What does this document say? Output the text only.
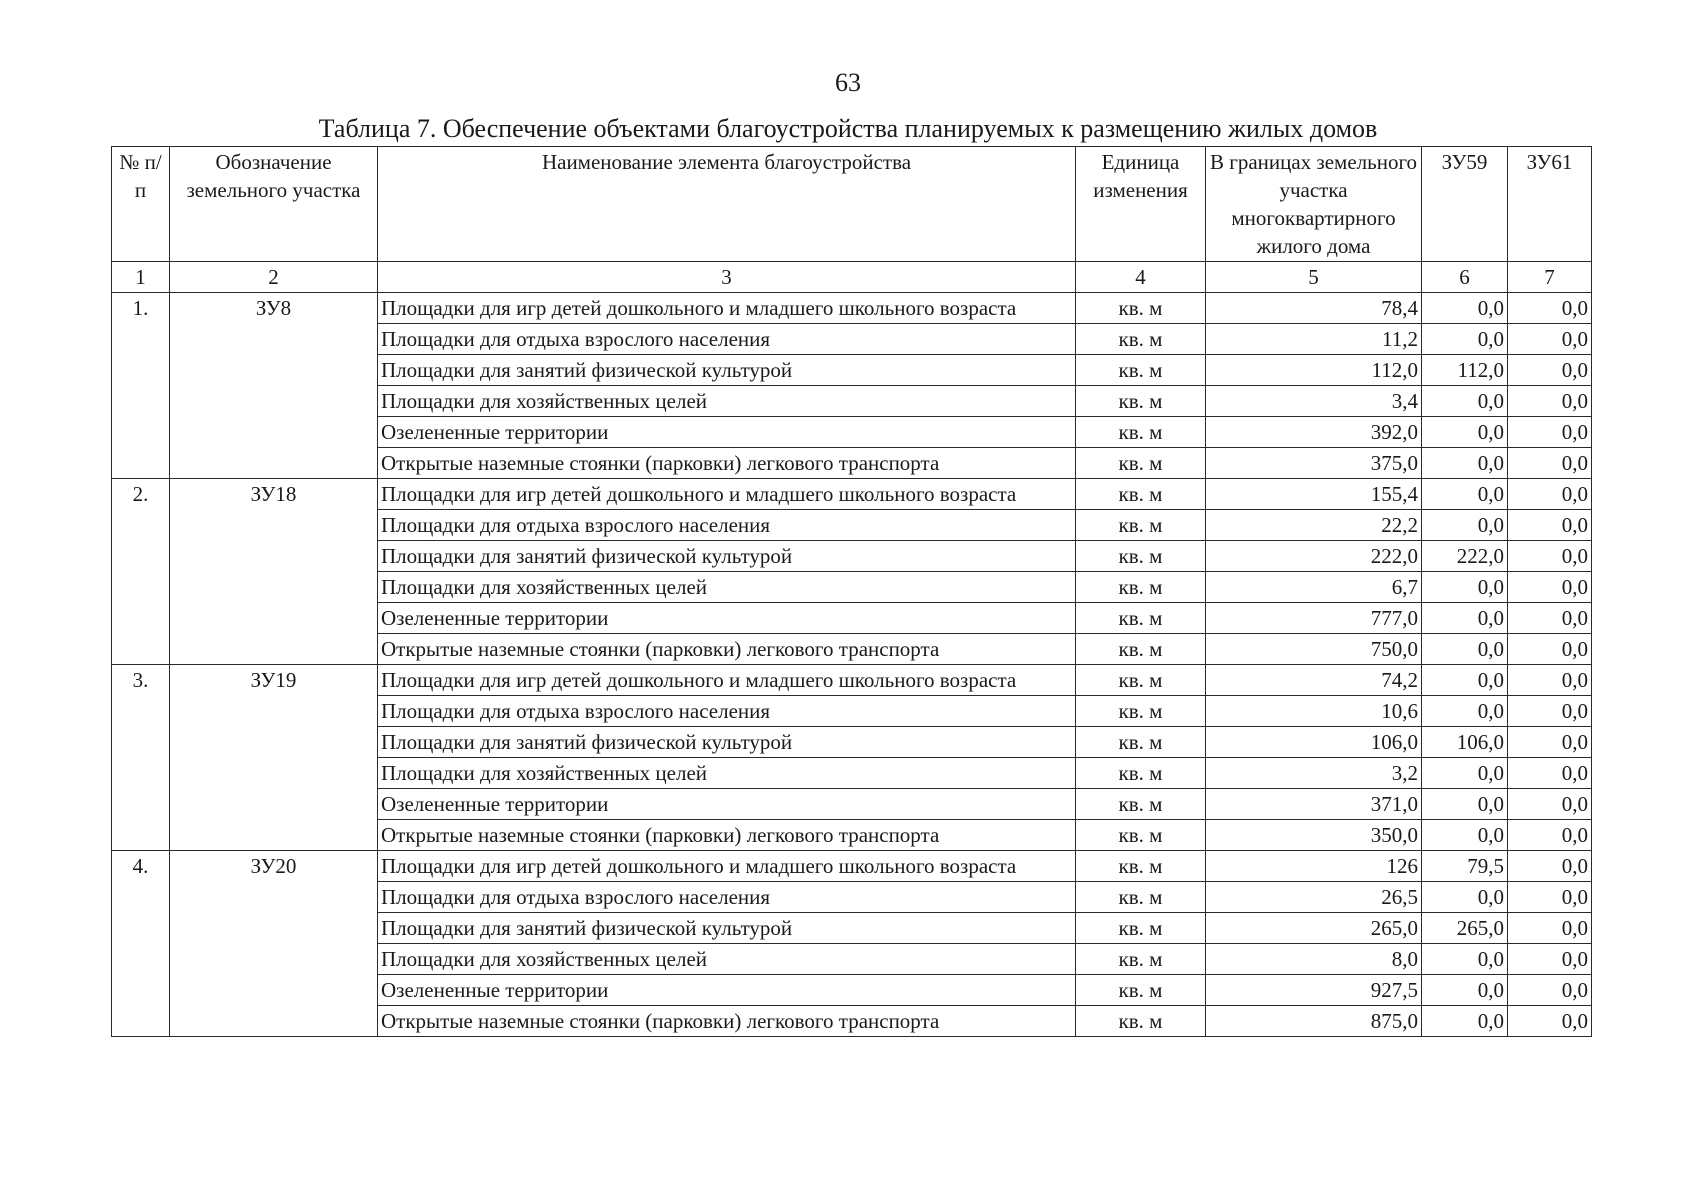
63
Таблица 7. Обеспечение объектами благоустройства планируемых к размещению жилых домов
№ п/п	Обозначение земельного участка	Наименование элемента благоустройства	Единица изменения	В границах земельного участка многоквартирного жилого дома	ЗУ59	ЗУ61
1	2	3	4	5	6	7
1.	ЗУ8	Площадки для игр детей дошкольного и младшего школьного возраста	кв. м	78,4	0,0	0,0
		Площадки для отдыха взрослого населения	кв. м	11,2	0,0	0,0
		Площадки для занятий физической культурой	кв. м	112,0	112,0	0,0
		Площадки для хозяйственных целей	кв. м	3,4	0,0	0,0
		Озелененные территории	кв. м	392,0	0,0	0,0
		Открытые наземные стоянки (парковки) легкового транспорта	кв. м	375,0	0,0	0,0
2.	ЗУ18	Площадки для игр детей дошкольного и младшего школьного возраста	кв. м	155,4	0,0	0,0
		Площадки для отдыха взрослого населения	кв. м	22,2	0,0	0,0
		Площадки для занятий физической культурой	кв. м	222,0	222,0	0,0
		Площадки для хозяйственных целей	кв. м	6,7	0,0	0,0
		Озелененные территории	кв. м	777,0	0,0	0,0
		Открытые наземные стоянки (парковки) легкового транспорта	кв. м	750,0	0,0	0,0
3.	ЗУ19	Площадки для игр детей дошкольного и младшего школьного возраста	кв. м	74,2	0,0	0,0
		Площадки для отдыха взрослого населения	кв. м	10,6	0,0	0,0
		Площадки для занятий физической культурой	кв. м	106,0	106,0	0,0
		Площадки для хозяйственных целей	кв. м	3,2	0,0	0,0
		Озелененные территории	кв. м	371,0	0,0	0,0
		Открытые наземные стоянки (парковки) легкового транспорта	кв. м	350,0	0,0	0,0
4.	ЗУ20	Площадки для игр детей дошкольного и младшего школьного возраста	кв. м	126	79,5	0,0
		Площадки для отдыха взрослого населения	кв. м	26,5	0,0	0,0
		Площадки для занятий физической культурой	кв. м	265,0	265,0	0,0
		Площадки для хозяйственных целей	кв. м	8,0	0,0	0,0
		Озелененные территории	кв. м	927,5	0,0	0,0
		Открытые наземные стоянки (парковки) легкового транспорта	кв. м	875,0	0,0	0,0
